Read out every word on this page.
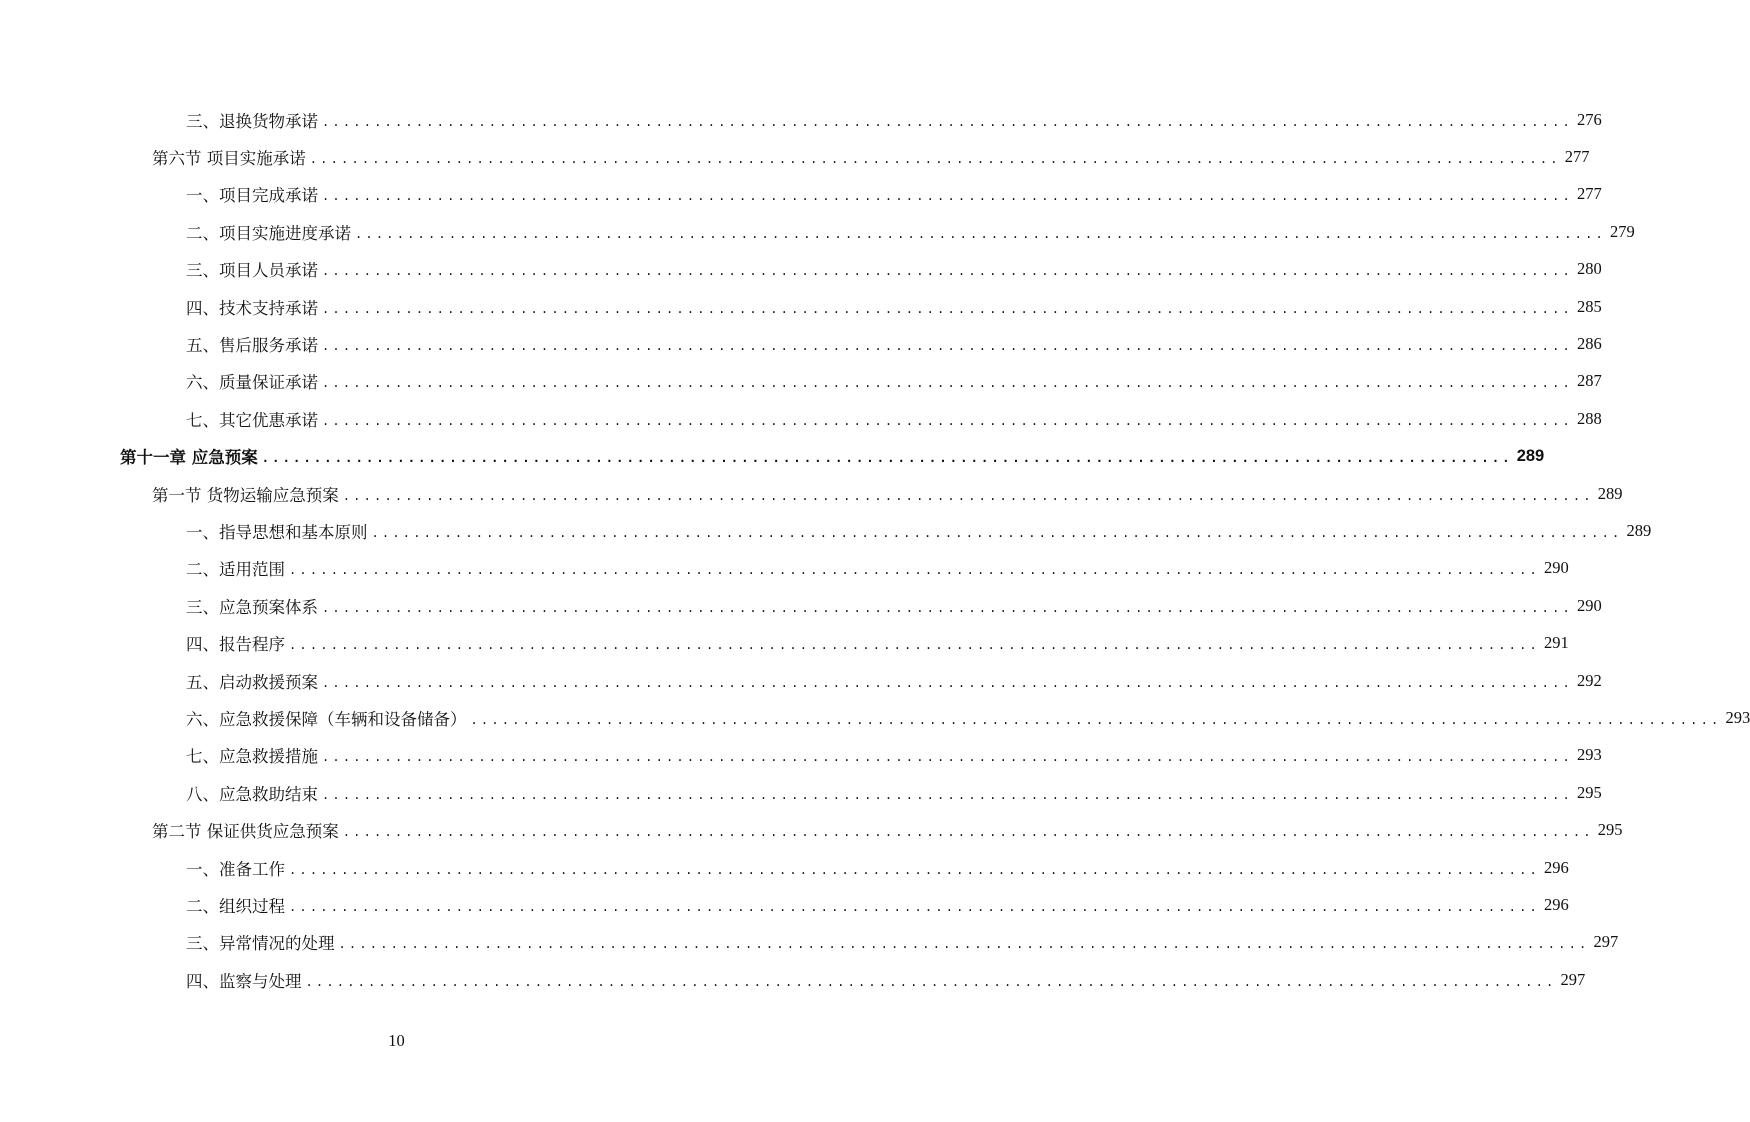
三、退换货物承诺 ........................................................................................................................ 276
第六节 项目实施承诺 ........................................................................................................................ 277
一、项目完成承诺 ........................................................................................................................ 277
二、项目实施进度承诺 ........................................................................................................................ 279
三、项目人员承诺 ........................................................................................................................ 280
四、技术支持承诺 ........................................................................................................................ 285
五、售后服务承诺 ........................................................................................................................ 286
六、质量保证承诺 ........................................................................................................................ 287
七、其它优惠承诺 ........................................................................................................................ 288
第十一章 应急预案 ........................................................................................................................ 289
第一节 货物运输应急预案 ........................................................................................................................ 289
一、指导思想和基本原则 ........................................................................................................................ 289
二、适用范围 ........................................................................................................................ 290
三、应急预案体系 ........................................................................................................................ 290
四、报告程序 ........................................................................................................................ 291
五、启动救援预案 ........................................................................................................................ 292
六、应急救援保障（车辆和设备储备） ........................................................................................................................ 293
七、应急救援措施 ........................................................................................................................ 293
八、应急救助结束 ........................................................................................................................ 295
第二节 保证供货应急预案 ........................................................................................................................ 295
一、准备工作 ........................................................................................................................ 296
二、组织过程 ........................................................................................................................ 296
三、异常情况的处理 ........................................................................................................................ 297
四、监察与处理 ........................................................................................................................ 297
10
